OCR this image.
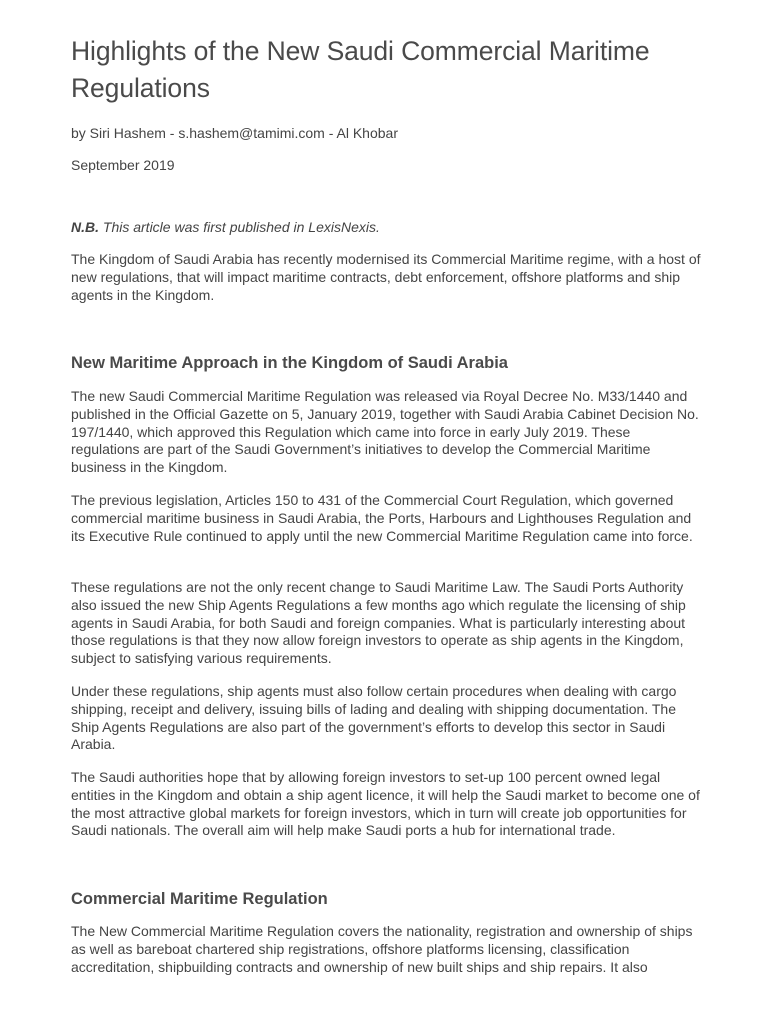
Highlights of the New Saudi Commercial Maritime Regulations

by Siri Hashem - s.hashem@tamimi.com - Al Khobar

September 2019

N.B. This article was first published in LexisNexis.

The Kingdom of Saudi Arabia has recently modernised its Commercial Maritime regime, with a host of new regulations, that will impact maritime contracts, debt enforcement, offshore platforms and ship agents in the Kingdom.

New Maritime Approach in the Kingdom of Saudi Arabia

The new Saudi Commercial Maritime Regulation was released via Royal Decree No. M33/1440 and published in the Official Gazette on 5, January 2019, together with Saudi Arabia Cabinet Decision No. 197/1440, which approved this Regulation which came into force in early July 2019. These regulations are part of the Saudi Government’s initiatives to develop the Commercial Maritime business in the Kingdom.

The previous legislation, Articles 150 to 431 of the Commercial Court Regulation, which governed commercial maritime business in Saudi Arabia, the Ports, Harbours and Lighthouses Regulation and its Executive Rule continued to apply until the new Commercial Maritime Regulation came into force.

These regulations are not the only recent change to Saudi Maritime Law. The Saudi Ports Authority also issued the new Ship Agents Regulations a few months ago which regulate the licensing of ship agents in Saudi Arabia, for both Saudi and foreign companies. What is particularly interesting about those regulations is that they now allow foreign investors to operate as ship agents in the Kingdom, subject to satisfying various requirements.

Under these regulations, ship agents must also follow certain procedures when dealing with cargo shipping, receipt and delivery, issuing bills of lading and dealing with shipping documentation. The Ship Agents Regulations are also part of the government’s efforts to develop this sector in Saudi Arabia.

The Saudi authorities hope that by allowing foreign investors to set-up 100 percent owned legal entities in the Kingdom and obtain a ship agent licence, it will help the Saudi market to become one of the most attractive global markets for foreign investors, which in turn will create job opportunities for Saudi nationals. The overall aim will help make Saudi ports a hub for international trade.

Commercial Maritime Regulation

The New Commercial Maritime Regulation covers the nationality, registration and ownership of ships as well as bareboat chartered ship registrations, offshore platforms licensing, classification accreditation, shipbuilding contracts and ownership of new built ships and ship repairs. It also
